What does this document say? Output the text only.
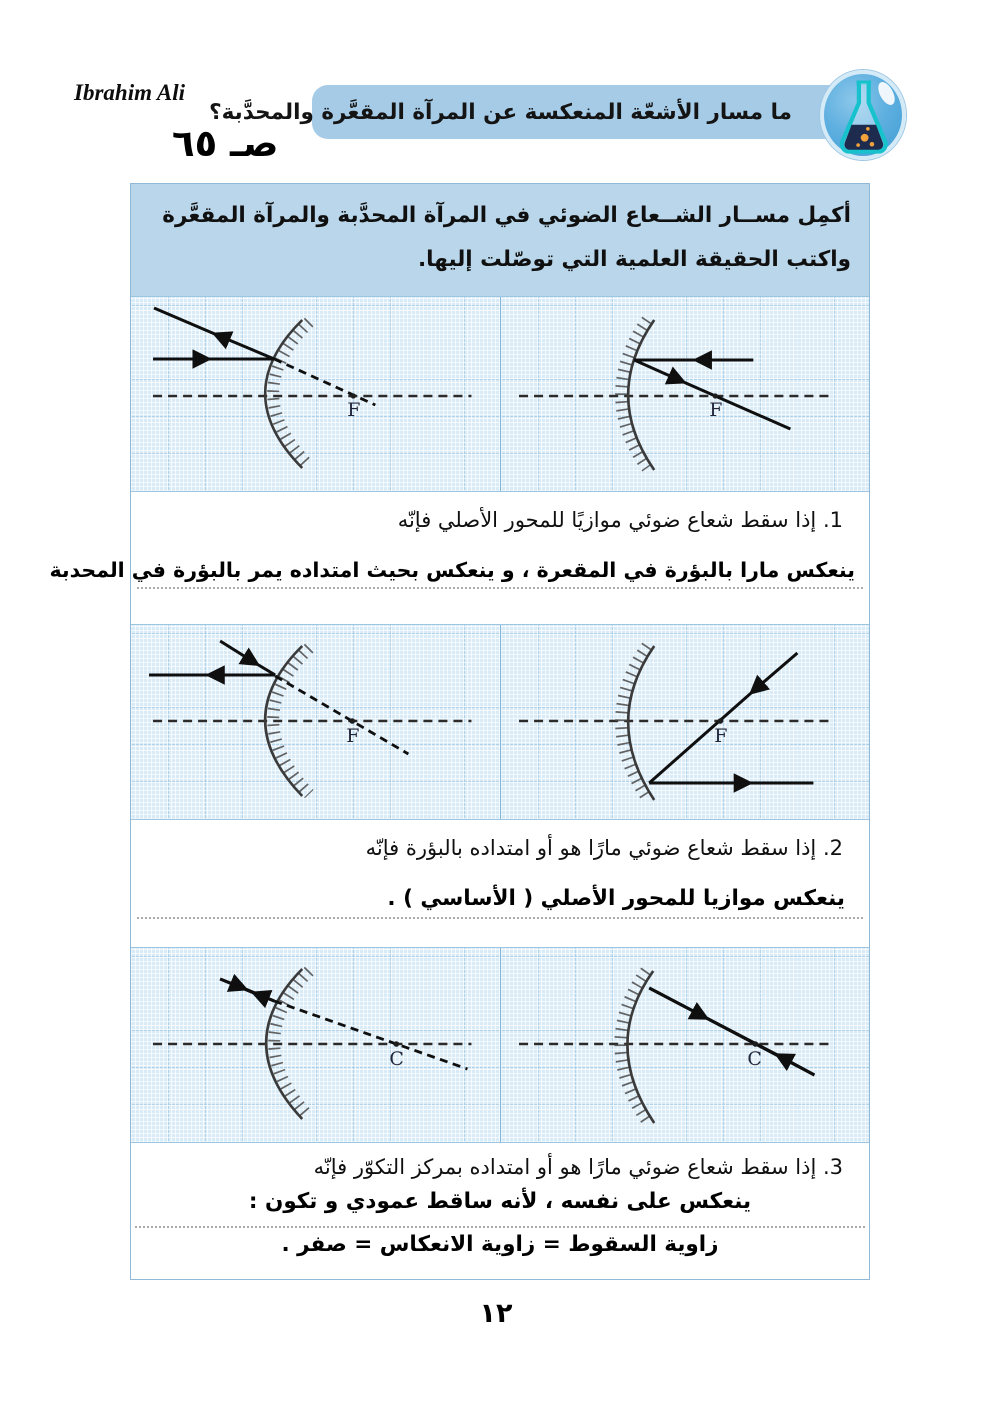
Ibrahim Ali
ما مسار الأشعّة المنعكسة عن المرآة المقعَّرة والمحدَّبة؟
صـ ٦٥
أكمِل مســار الشــعاع الضوئي في المرآة المحدَّبة والمرآة المقعَّرة واكتب الحقيقة العلمية التي توصّلت إليها.
F	F
1. إذا سقط شعاع ضوئي موازيًا للمحور الأصلي فإنّه
ينعكس مارا بالبؤرة في المقعرة ، و ينعكس بحيث امتداده يمر بالبؤرة في المحدبة
F	F
2. إذا سقط شعاع ضوئي مارًا هو أو امتداده بالبؤرة فإنّه
ينعكس موازيا للمحور الأصلي ( الأساسي ) .
C	C
3. إذا سقط شعاع ضوئي مارًا هو أو امتداده بمركز التكوّر فإنّه
ينعكس على نفسه ، لأنه ساقط عمودي و تكون :
زاوية السقوط = زاوية الانعكاس = صفر .
١٢
